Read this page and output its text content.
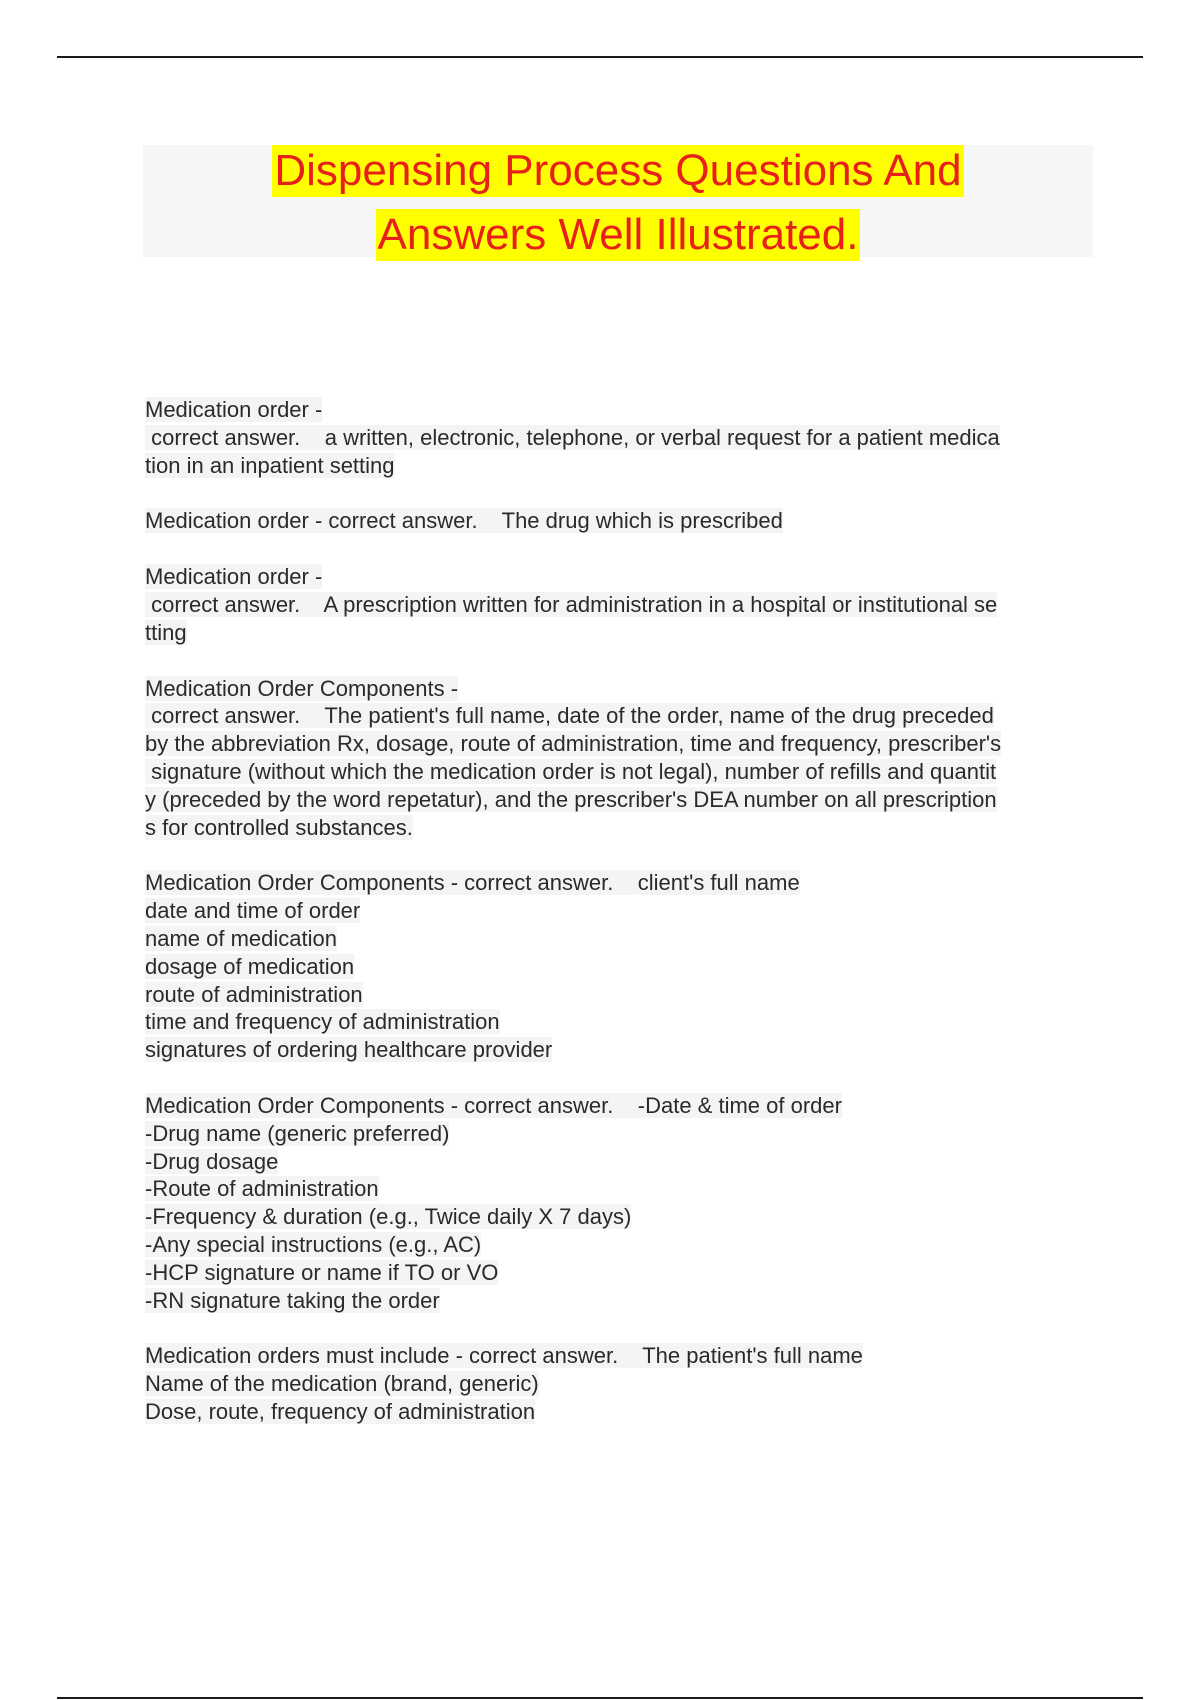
Dispensing Process Questions And
Answers Well Illustrated.
Medication order -
correct answer.    a written, electronic, telephone, or verbal request for a patient medica
tion in an inpatient setting
Medication order - correct answer.    The drug which is prescribed
Medication order -
correct answer.    A prescription written for administration in a hospital or institutional se
tting
Medication Order Components -
correct answer.    The patient's full name, date of the order, name of the drug preceded
by the abbreviation Rx, dosage, route of administration, time and frequency, prescriber's
signature (without which the medication order is not legal), number of refills and quantit
y (preceded by the word repetatur), and the prescriber's DEA number on all prescription
s for controlled substances.
Medication Order Components - correct answer.    client's full name
date and time of order
name of medication
dosage of medication
route of administration
time and frequency of administration
signatures of ordering healthcare provider
Medication Order Components - correct answer.    -Date & time of order
-Drug name (generic preferred)
-Drug dosage
-Route of administration
-Frequency & duration (e.g., Twice daily X 7 days)
-Any special instructions (e.g., AC)
-HCP signature or name if TO or VO
-RN signature taking the order
Medication orders must include - correct answer.    The patient's full name
Name of the medication (brand, generic)
Dose, route, frequency of administration
